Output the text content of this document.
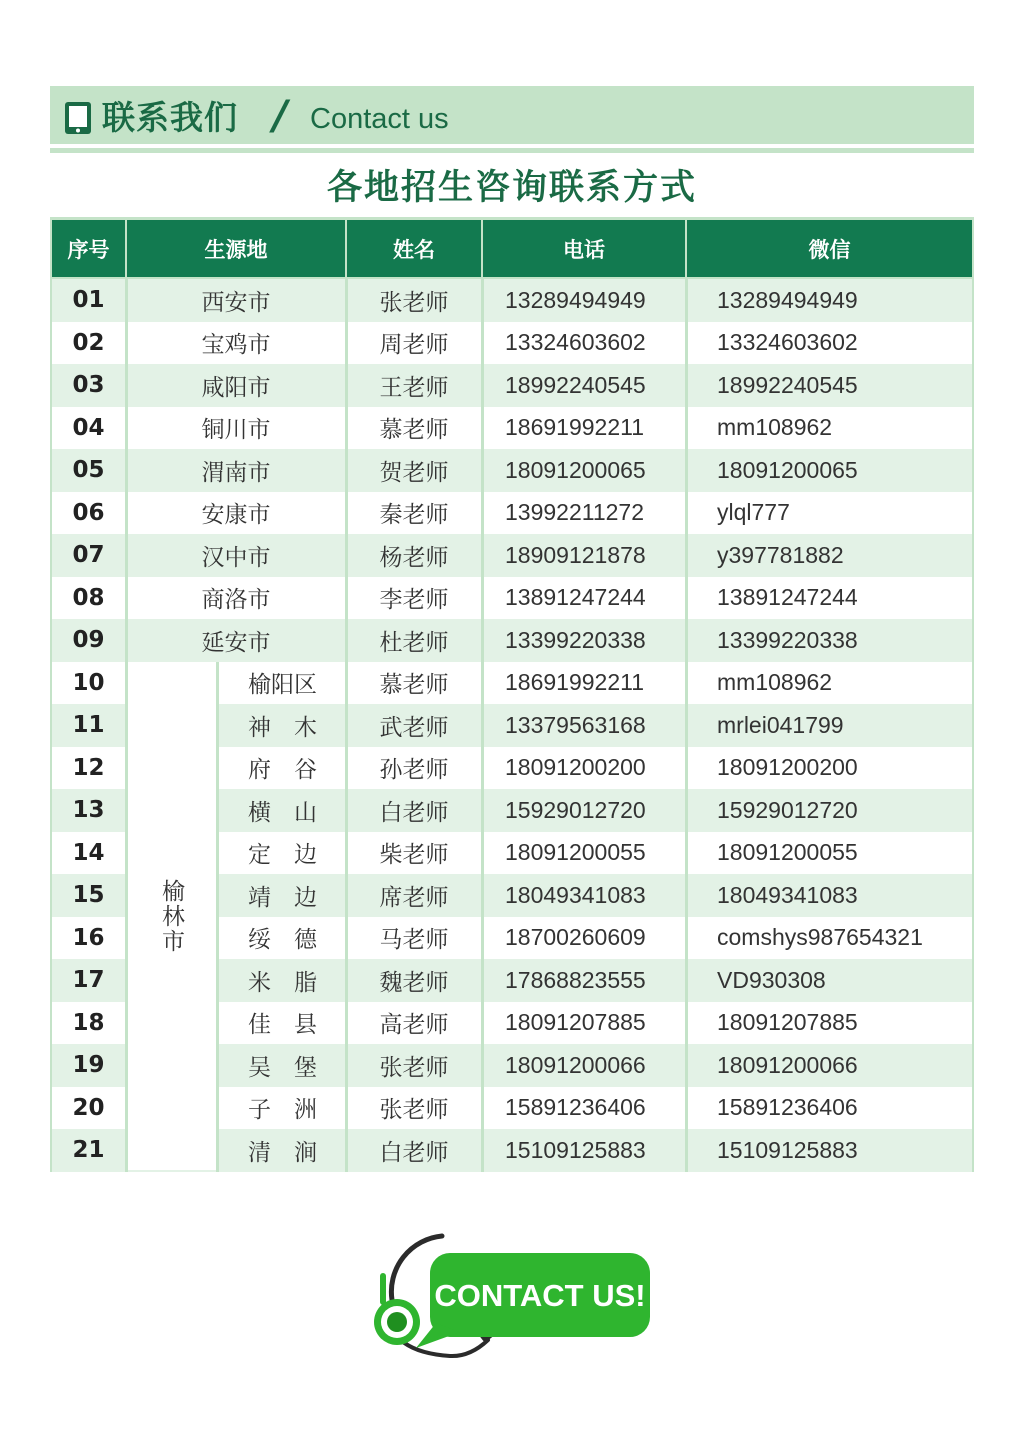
联系我们 / Contact us
各地招生咨询联系方式
01	西安市	张老师	13289494949	13289494949
02	宝鸡市	周老师	13324603602	13324603602
03	咸阳市	王老师	18992240545	18992240545
04	铜川市	慕老师	18691992211	mm108962
05	渭南市	贺老师	18091200065	18091200065
06	安康市	秦老师	13992211272	ylql777
07	汉中市	杨老师	18909121878	y397781882
08	商洛市	李老师	13891247244	13891247244
09	延安市	杜老师	13399220338	13399220338
10	榆阳区	慕老师	18691992211	mm108962
11	神　木	武老师	13379563168	mrlei041799
12	府　谷	孙老师	18091200200	18091200200
13	横　山	白老师	15929012720	15929012720
14	定　边	柴老师	18091200055	18091200055
15	靖　边	席老师	18049341083	18049341083
16	绥　德	马老师	18700260609	comshys987654321
17	米　脂	魏老师	17868823555	VD930308
18	佳　县	高老师	18091207885	18091207885
19	吴　堡	张老师	18091200066	18091200066
20	子　洲	张老师	15891236406	15891236406
21	清　涧	白老师	15109125883	15109125883
榆林市
序号	生源地	姓名	电话	微信
CONTACT US!
